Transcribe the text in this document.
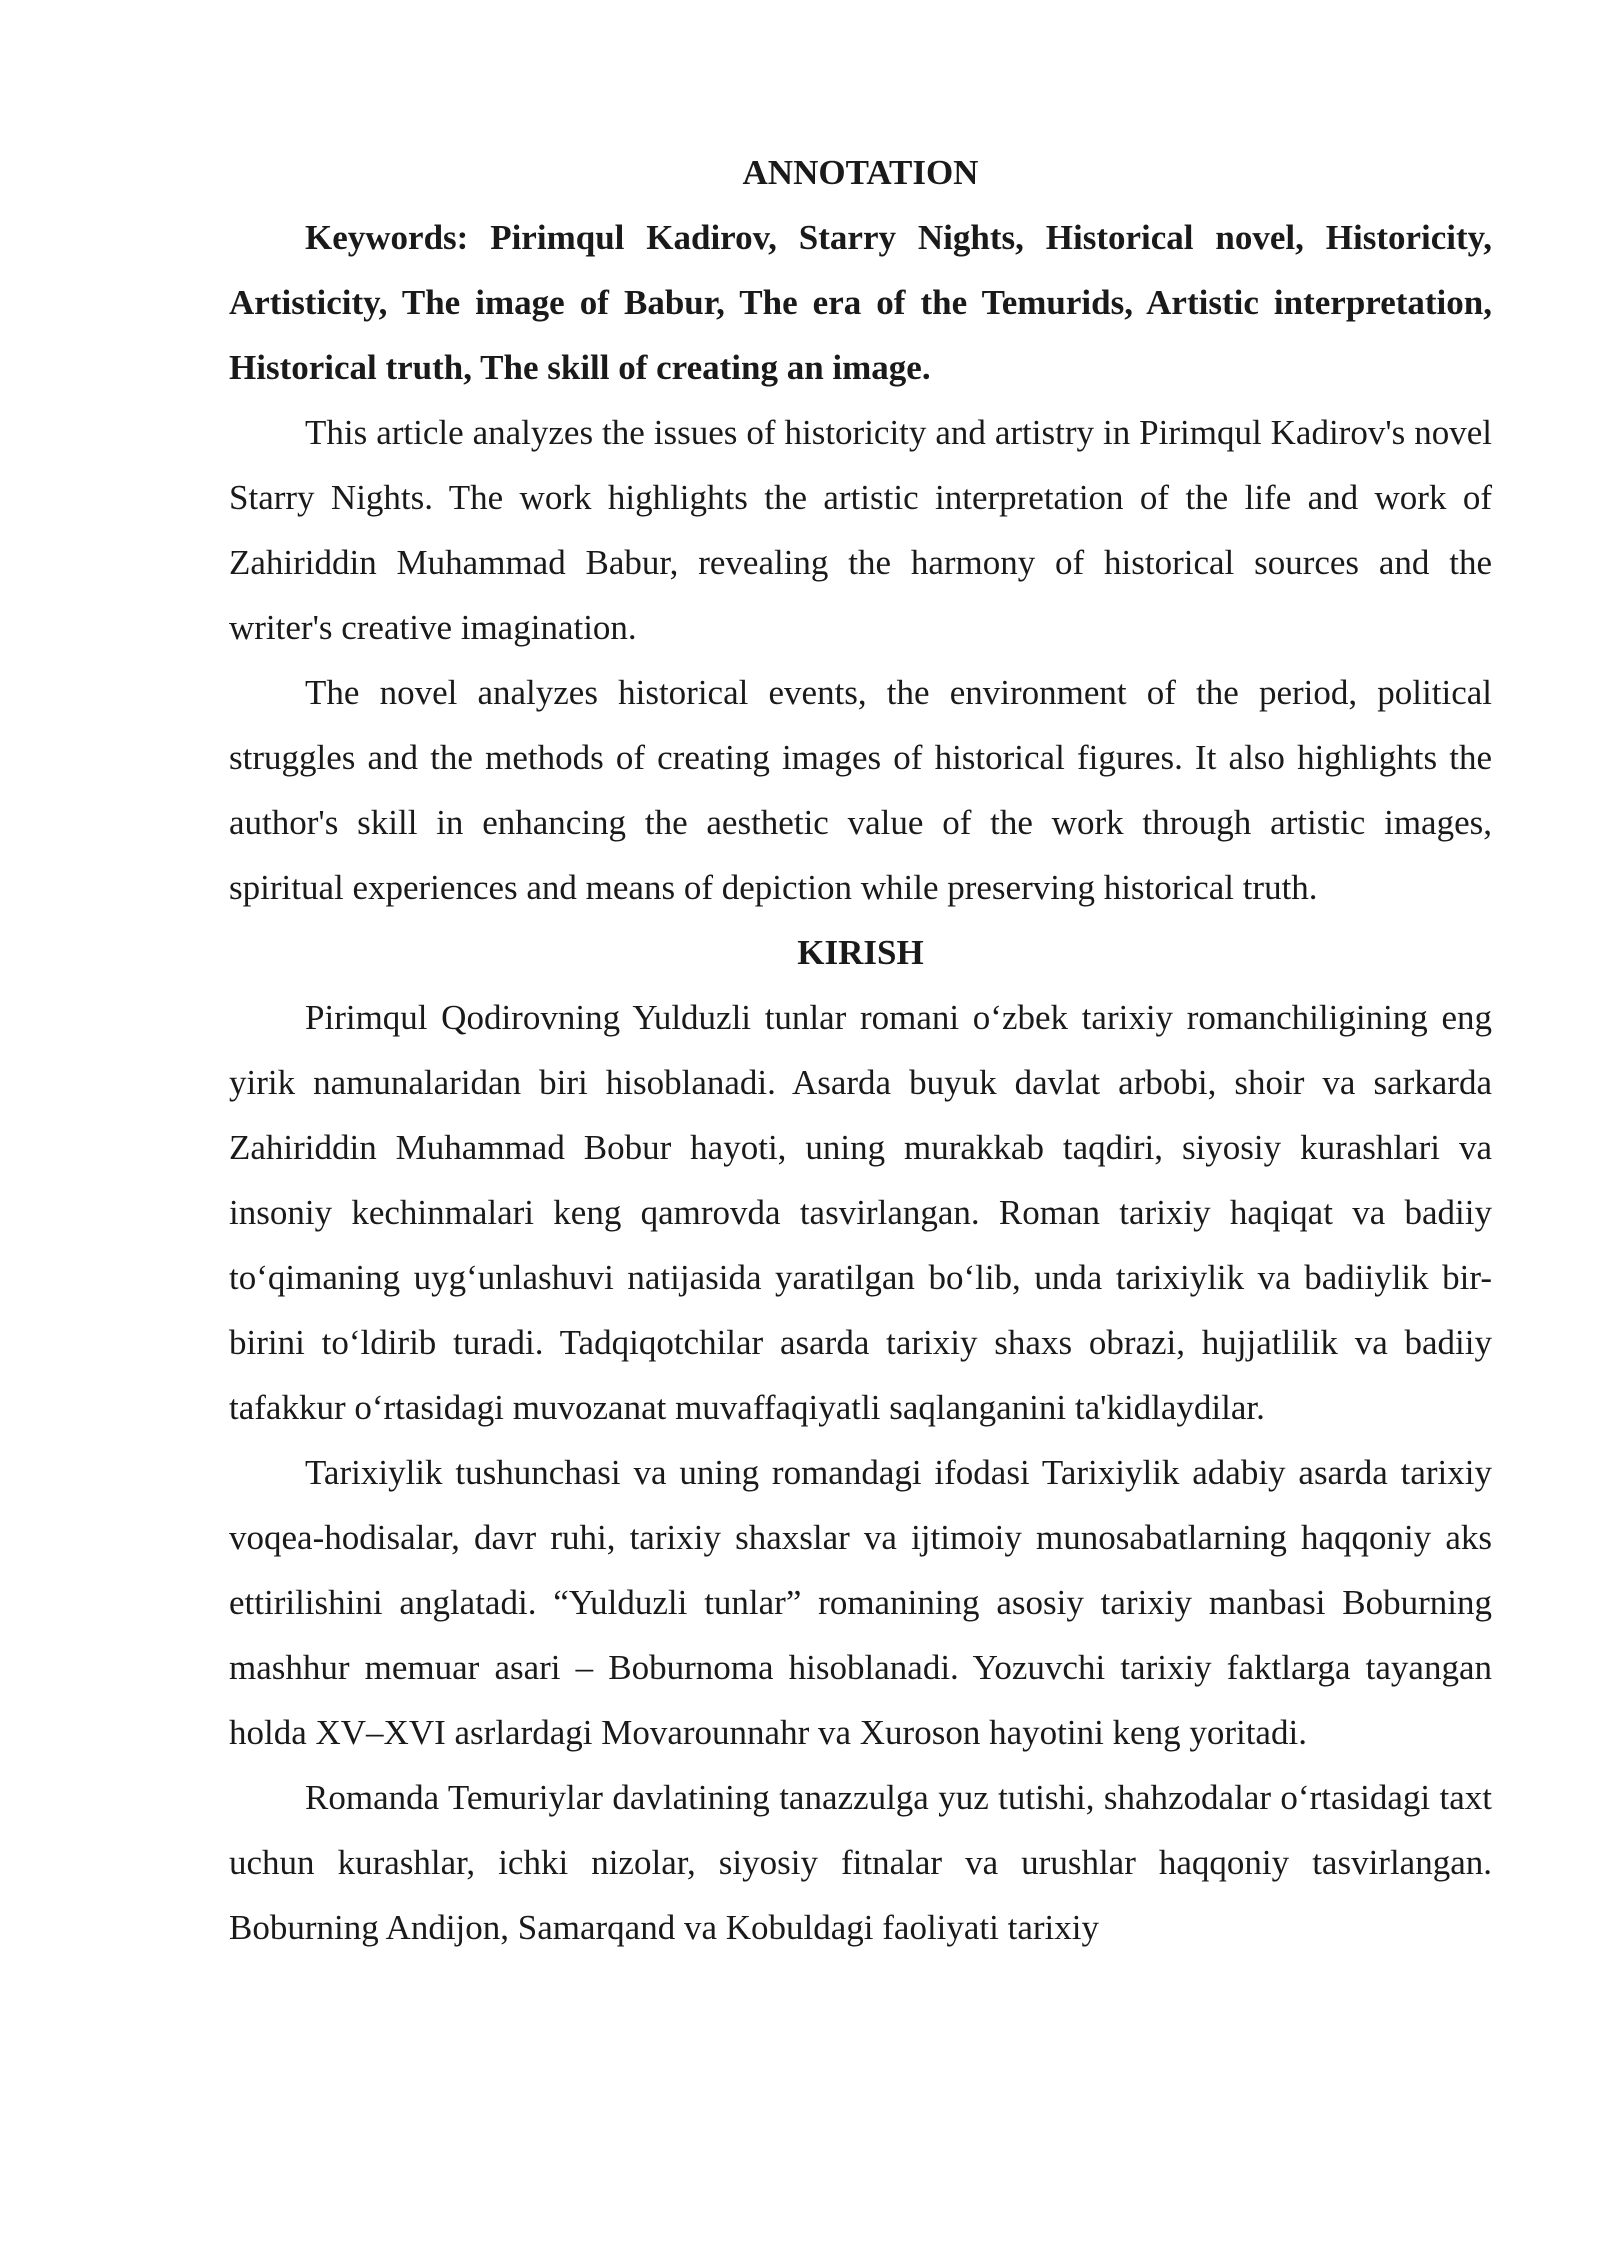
ANNOTATION

Keywords: Pirimqul Kadirov, Starry Nights, Historical novel, Historicity, Artisticity, The image of Babur, The era of the Temurids, Artistic interpretation, Historical truth, The skill of creating an image.

This article analyzes the issues of historicity and artistry in Pirimqul Kadirov's novel Starry Nights. The work highlights the artistic interpretation of the life and work of Zahiriddin Muhammad Babur, revealing the harmony of historical sources and the writer's creative imagination.

The novel analyzes historical events, the environment of the period, political struggles and the methods of creating images of historical figures. It also highlights the author's skill in enhancing the aesthetic value of the work through artistic images, spiritual experiences and means of depiction while preserving historical truth.

KIRISH

Pirimqul Qodirovning Yulduzli tunlar romani o‘zbek tarixiy romanchiligining eng yirik namunalaridan biri hisoblanadi. Asarda buyuk davlat arbobi, shoir va sarkarda Zahiriddin Muhammad Bobur hayoti, uning murakkab taqdiri, siyosiy kurashlari va insoniy kechinmalari keng qamrovda tasvirlangan. Roman tarixiy haqiqat va badiiy to‘qimaning uyg‘unlashuvi natijasida yaratilgan bo‘lib, unda tarixiylik va badiiylik bir-birini to‘ldirib turadi. Tadqiqotchilar asarda tarixiy shaxs obrazi, hujjatlilik va badiiy tafakkur o‘rtasidagi muvozanat muvaffaqiyatli saqlanganini ta'kidlaydilar.

Tarixiylik tushunchasi va uning romandagi ifodasi Tarixiylik adabiy asarda tarixiy voqea-hodisalar, davr ruhi, tarixiy shaxslar va ijtimoiy munosabatlarning haqqoniy aks ettirilishini anglatadi. “Yulduzli tunlar” romanining asosiy tarixiy manbasi Boburning mashhur memuar asari – Boburnoma hisoblanadi. Yozuvchi tarixiy faktlarga tayangan holda XV–XVI asrlardagi Movarounnahr va Xuroson hayotini keng yoritadi.

Romanda Temuriylar davlatining tanazzulga yuz tutishi, shahzodalar o‘rtasidagi taxt uchun kurashlar, ichki nizolar, siyosiy fitnalar va urushlar haqqoniy tasvirlangan. Boburning Andijon, Samarqand va Kobuldagi faoliyati tarixiy
